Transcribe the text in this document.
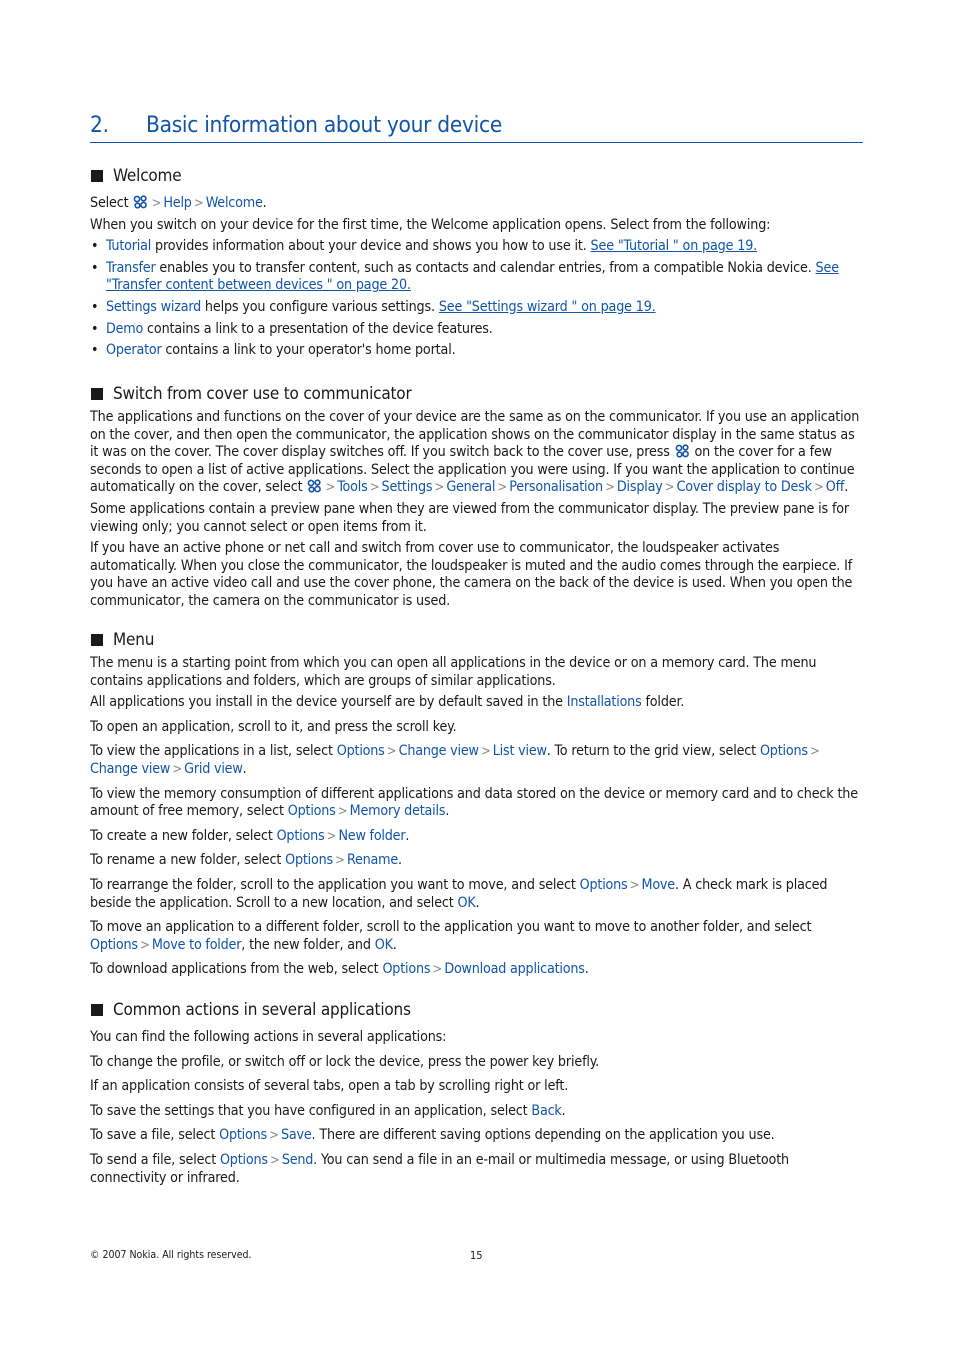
2. Basic information about your device
Welcome

Select > Help > Welcome.

When you switch on your device for the first time, the Welcome application opens. Select from the following:

• Tutorial provides information about your device and shows you how to use it. See "Tutorial " on page 19.
• Transfer enables you to transfer content, such as contacts and calendar entries, from a compatible Nokia device. See "Transfer content between devices " on page 20.
• Settings wizard helps you configure various settings. See "Settings wizard " on page 19.
• Demo contains a link to a presentation of the device features.
• Operator contains a link to your operator's home portal.
Switch from cover use to communicator

The applications and functions on the cover of your device are the same as on the communicator. If you use an application on the cover, and then open the communicator, the application shows on the communicator display in the same status as it was on the cover. The cover display switches off. If you switch back to the cover use, press on the cover for a few seconds to open a list of active applications. Select the application you were using. If you want the application to continue automatically on the cover, select > Tools > Settings > General > Personalisation > Display > Cover display to Desk > Off.

Some applications contain a preview pane when they are viewed from the communicator display. The preview pane is for viewing only; you cannot select or open items from it.

If you have an active phone or net call and switch from cover use to communicator, the loudspeaker activates automatically. When you close the communicator, the loudspeaker is muted and the audio comes through the earpiece. If you have an active video call and use the cover phone, the camera on the back of the device is used. When you open the communicator, the camera on the communicator is used.

Menu

The menu is a starting point from which you can open all applications in the device or on a memory card. The menu contains applications and folders, which are groups of similar applications.

All applications you install in the device yourself are by default saved in the Installations folder.

To open an application, scroll to it, and press the scroll key.

To view the applications in a list, select Options > Change view > List view. To return to the grid view, select Options >Change view > Grid view.

To view the memory consumption of different applications and data stored on the device or memory card and to check the amount of free memory, select Options > Memory details.

To create a new folder, select Options > New folder.

To rename a new folder, select Options > Rename.

To rearrange the folder, scroll to the application you want to move, and select Options > Move. A check mark is placed beside the application. Scroll to a new location, and select OK.

To move an application to a different folder, scroll to the application you want to move to another folder, and select Options > Move to folder, the new folder, and OK.

To download applications from the web, select Options > Download applications.

Common actions in several applications

You can find the following actions in several applications:

To change the profile, or switch off or lock the device, press the power key briefly.

If an application consists of several tabs, open a tab by scrolling right or left.

To save the settings that you have configured in an application, select Back.

To save a file, select Options > Save. There are different saving options depending on the application you use.

To send a file, select Options > Send. You can send a file in an e-mail or multimedia message, or using Bluetooth connectivity or infrared.

© 2007 Nokia. All rights reserved.	15
